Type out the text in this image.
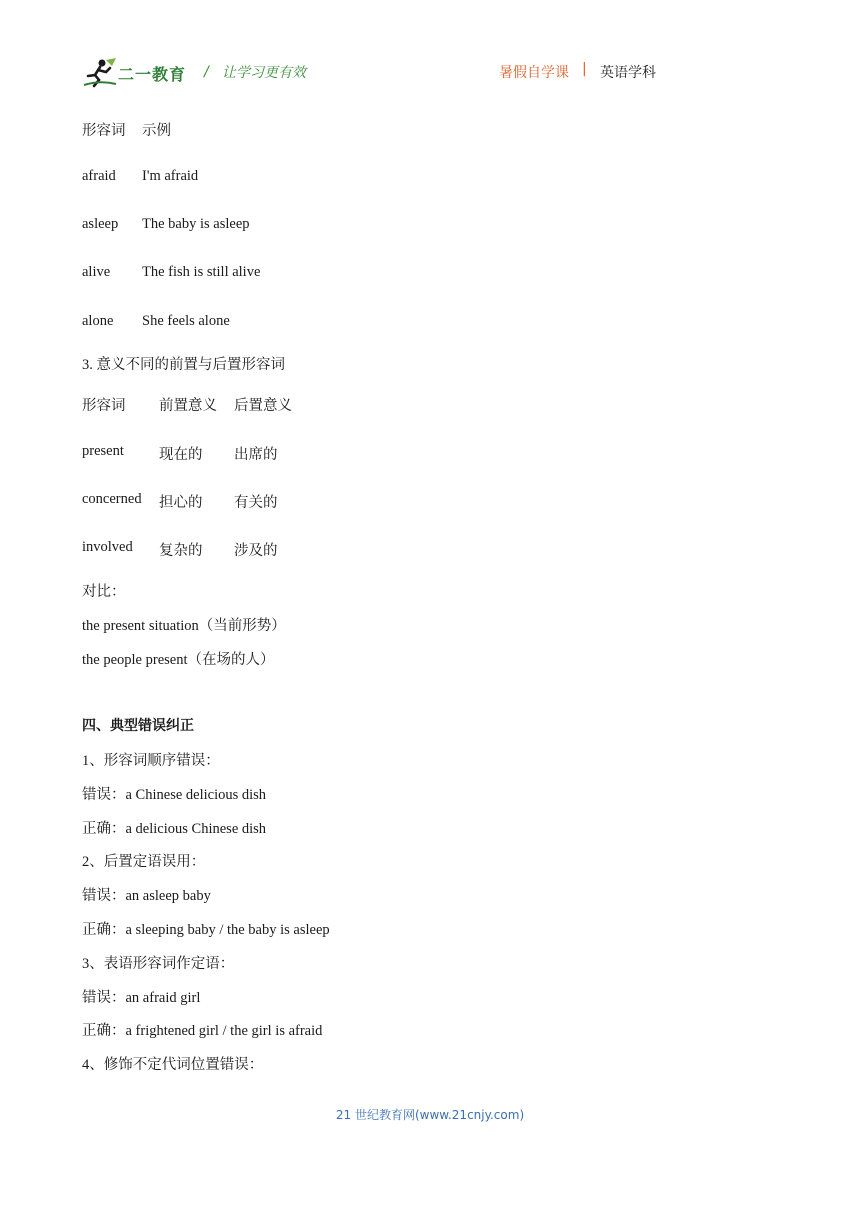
二一教育 / 让学习更有效	暑假自学课 | 英语学科
形容词 示例
afraid I'm afraid
asleep The baby is asleep
alive The fish is still alive
alone She feels alone
3. 意义不同的前置与后置形容词
形容词 前置意义 后置意义
present 现在的 出席的
concerned 担心的 有关的
involved 复杂的 涉及的
对比：
the present situation（当前形势）
the people present（在场的人）
四、典型错误纠正
1、形容词顺序错误：
错误：a Chinese delicious dish
正确：a delicious Chinese dish
2、后置定语误用：
错误：an asleep baby
正确：a sleeping baby / the baby is asleep
3、表语形容词作定语：
错误：an afraid girl
正确：a frightened girl / the girl is afraid
4、修饰不定代词位置错误：
21 世纪教育网(www.21cnjy.com)
